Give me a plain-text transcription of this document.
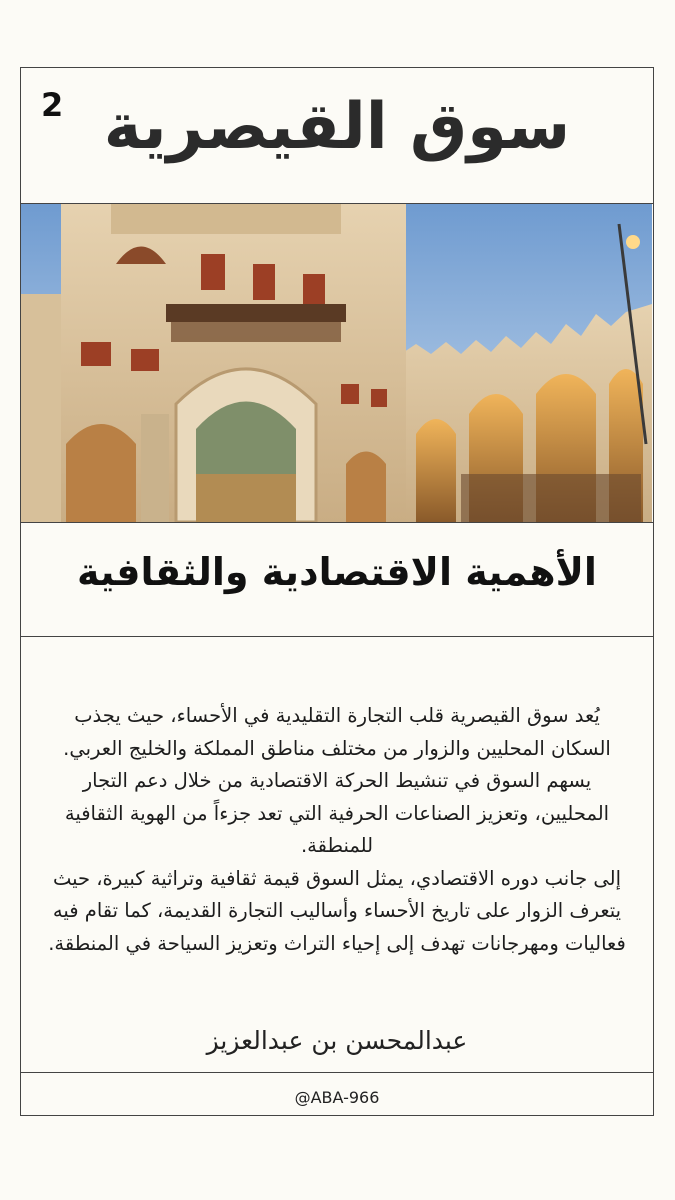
2 سوق القيصرية
الأهمية الاقتصادية والثقافية

يُعد سوق القيصرية قلب التجارة التقليدية في الأحساء، حيث يجذب السكان المحليين والزوار من مختلف مناطق المملكة والخليج العربي.

يسهم السوق في تنشيط الحركة الاقتصادية من خلال دعم التجار المحليين، وتعزيز الصناعات الحرفية التي تعد جزءاً من الهوية الثقافية للمنطقة.

إلى جانب دوره الاقتصادي، يمثل السوق قيمة ثقافية وتراثية كبيرة، حيث يتعرف الزوار على تاريخ الأحساء وأساليب التجارة القديمة، كما تقام فيه فعاليات ومهرجانات تهدف إلى إحياء التراث وتعزيز السياحة في المنطقة.

عبدالمحسن بن عبدالعزيز
@ABA-966
